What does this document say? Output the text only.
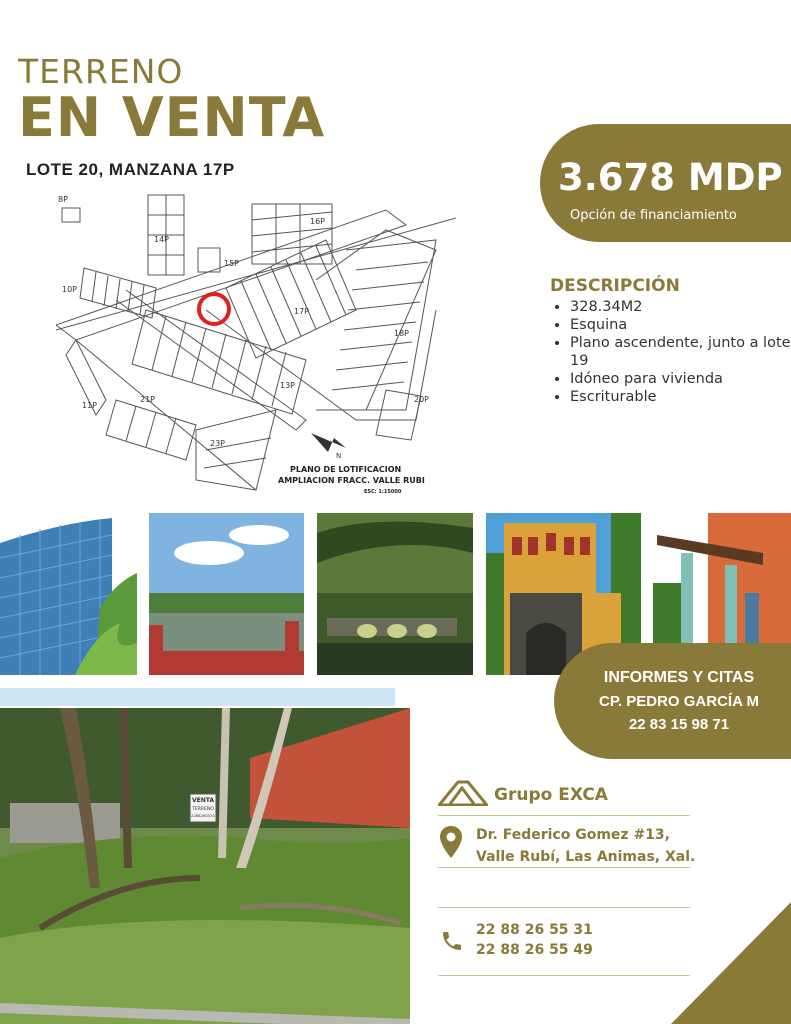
TERRENO
EN VENTA
LOTE 20, MANZANA 17P	3.678 MDP
Opción de financiamiento
DESCRIPCIÓN
• 328.34M2
• Esquina
• Plano ascendente, junto a lote 19
• Idóneo para vivienda
• Escriturable
8P
14P
15P
16P
10P
17P
18P
11P
13P
21P
23P
20P
N
PLANO DE LOTIFICACION
AMPLIACION FRACC. VALLE RUBI
ESC: 1:15000
INFORMES Y CITAS
CP. PEDRO GARCÍA M
22 83 15 98 71
VENTA
TERRENO
2288265531
Grupo EXCA
Dr. Federico Gomez #13,
Valle Rubí, Las Animas, Xal.
22 88 26 55 31
22 88 26 55 49
